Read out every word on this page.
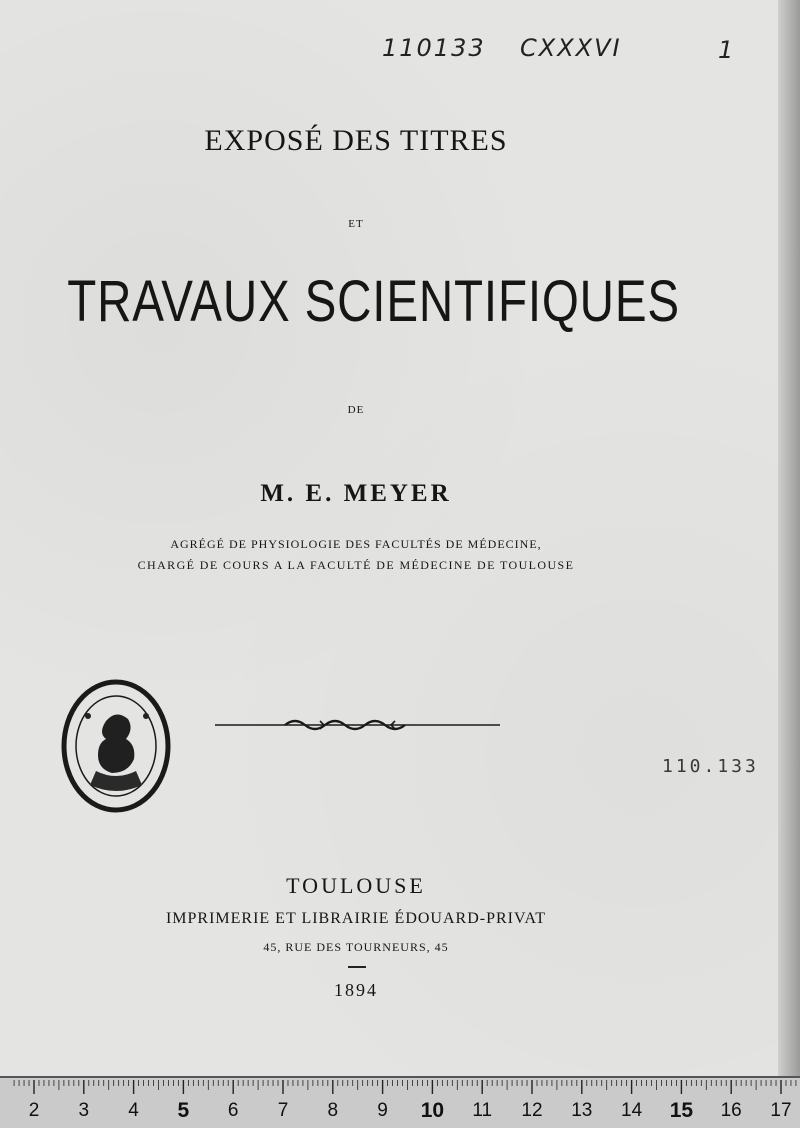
110133 CXXXVI	1
EXPOSÉ DES TITRES
ET
TRAVAUX SCIENTIFIQUES
DE
M. E. MEYER
AGRÉGÉ DE PHYSIOLOGIE DES FACULTÉS DE MÉDECINE,
CHARGÉ DE COURS A LA FACULTÉ DE MÉDECINE DE TOULOUSE
110.133
TOULOUSE
IMPRIMERIE ET LIBRAIRIE ÉDOUARD-PRIVAT
45, RUE DES TOURNEURS, 45
1894
2 3 4 5 6 7 8 9 10 11 12 13 14 15 16 17
